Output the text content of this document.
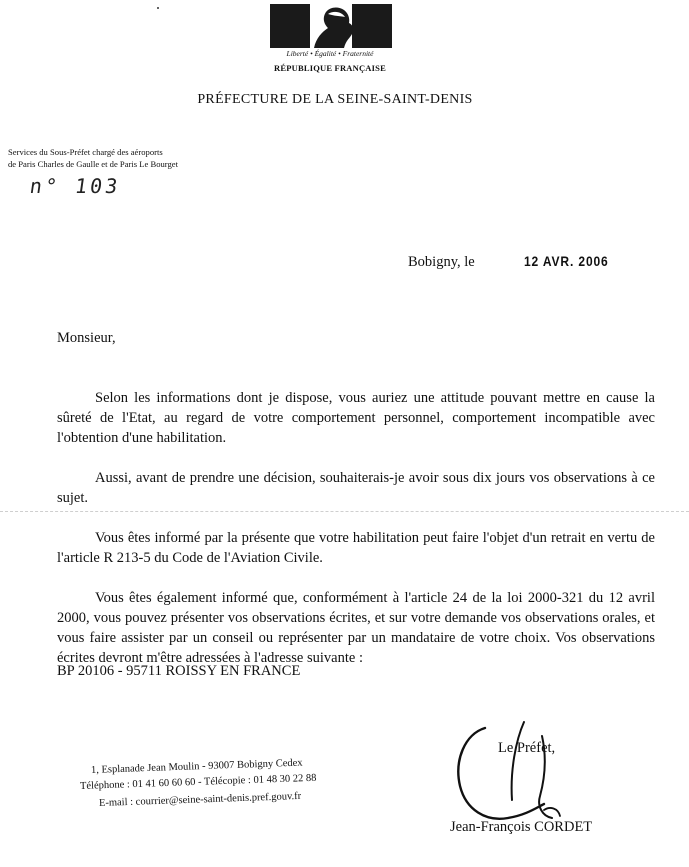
Liberté • Égalité • Fraternité
RÉPUBLIQUE FRANÇAISE
PRÉFECTURE DE LA SEINE-SAINT-DENIS
Services du Sous-Préfet chargé des aéroports
de Paris Charles de Gaulle et de Paris Le Bourget
n° 103
Bobigny, le	12 AVR. 2006
Monsieur,

Selon les informations dont je dispose, vous auriez une attitude pouvant mettre en cause la sûreté de l'Etat, au regard de votre comportement personnel, comportement incompatible avec l'obtention d'une habilitation.

Aussi, avant de prendre une décision, souhaiterais-je avoir sous dix jours vos observations à ce sujet.

Vous êtes informé par la présente que votre habilitation peut faire l'objet d'un retrait en vertu de l'article R 213-5 du Code de l'Aviation Civile.

Vous êtes également informé que, conformément à l'article 24 de la loi 2000-321 du 12 avril 2000, vous pouvez présenter vos observations écrites, et sur votre demande vos observations orales, et vous faire assister par un conseil ou représenter par un mandataire de votre choix. Vos observations écrites devront m'être adressées à l'adresse suivante :

BP 20106 - 95711 ROISSY EN FRANCE
Le Préfet,
Jean-François CORDET
1, Esplanade Jean Moulin - 93007 Bobigny Cedex
Téléphone : 01 41 60 60 60 - Télécopie : 01 48 30 22 88
E-mail : courrier@seine-saint-denis.pref.gouv.fr
